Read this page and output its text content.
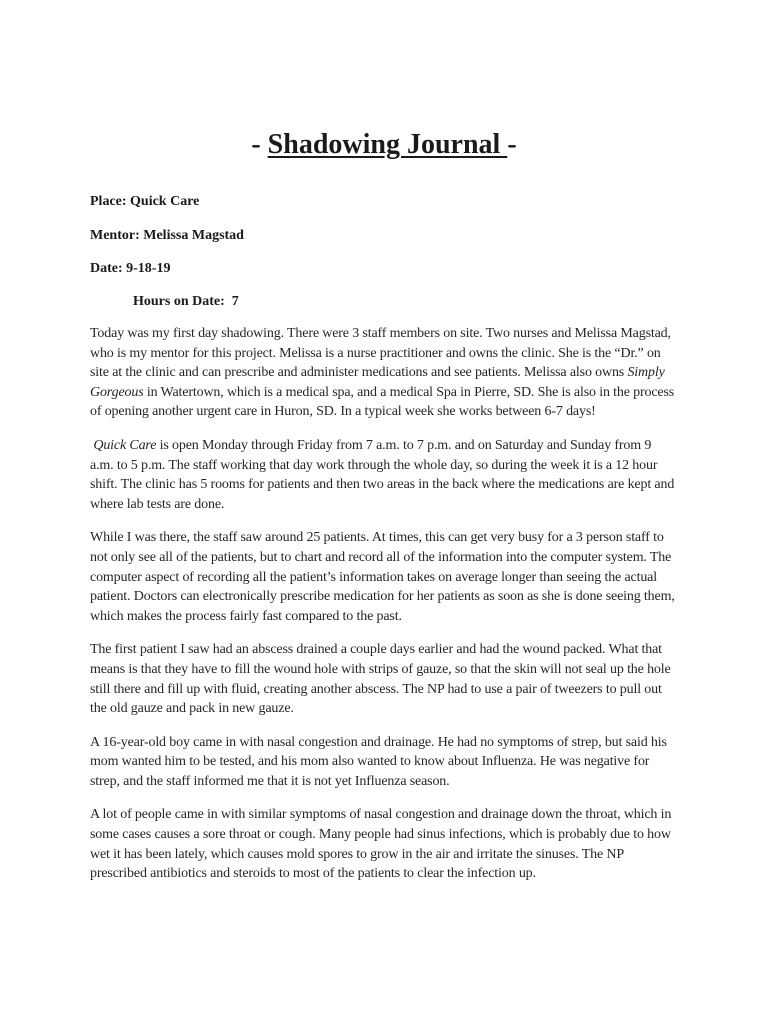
- Shadowing Journal -
Place: Quick Care
Mentor: Melissa Magstad
Date: 9-18-19
Hours on Date:  7

Today was my first day shadowing. There were 3 staff members on site. Two nurses and Melissa Magstad, who is my mentor for this project. Melissa is a nurse practitioner and owns the clinic. She is the “Dr.” on site at the clinic and can prescribe and administer medications and see patients. Melissa also owns Simply Gorgeous in Watertown, which is a medical spa, and a medical Spa in Pierre, SD. She is also in the process of opening another urgent care in Huron, SD. In a typical week she works between 6-7 days!

Quick Care is open Monday through Friday from 7 a.m. to 7 p.m. and on Saturday and Sunday from 9 a.m. to 5 p.m. The staff working that day work through the whole day, so during the week it is a 12 hour shift. The clinic has 5 rooms for patients and then two areas in the back where the medications are kept and where lab tests are done.

While I was there, the staff saw around 25 patients. At times, this can get very busy for a 3 person staff to not only see all of the patients, but to chart and record all of the information into the computer system. The computer aspect of recording all the patient’s information takes on average longer than seeing the actual patient. Doctors can electronically prescribe medication for her patients as soon as she is done seeing them, which makes the process fairly fast compared to the past.

The first patient I saw had an abscess drained a couple days earlier and had the wound packed. What that means is that they have to fill the wound hole with strips of gauze, so that the skin will not seal up the hole still there and fill up with fluid, creating another abscess. The NP had to use a pair of tweezers to pull out the old gauze and pack in new gauze.

A 16-year-old boy came in with nasal congestion and drainage. He had no symptoms of strep, but said his mom wanted him to be tested, and his mom also wanted to know about Influenza. He was negative for strep, and the staff informed me that it is not yet Influenza season.

A lot of people came in with similar symptoms of nasal congestion and drainage down the throat, which in some cases causes a sore throat or cough. Many people had sinus infections, which is probably due to how wet it has been lately, which causes mold spores to grow in the air and irritate the sinuses. The NP prescribed antibiotics and steroids to most of the patients to clear the infection up.
